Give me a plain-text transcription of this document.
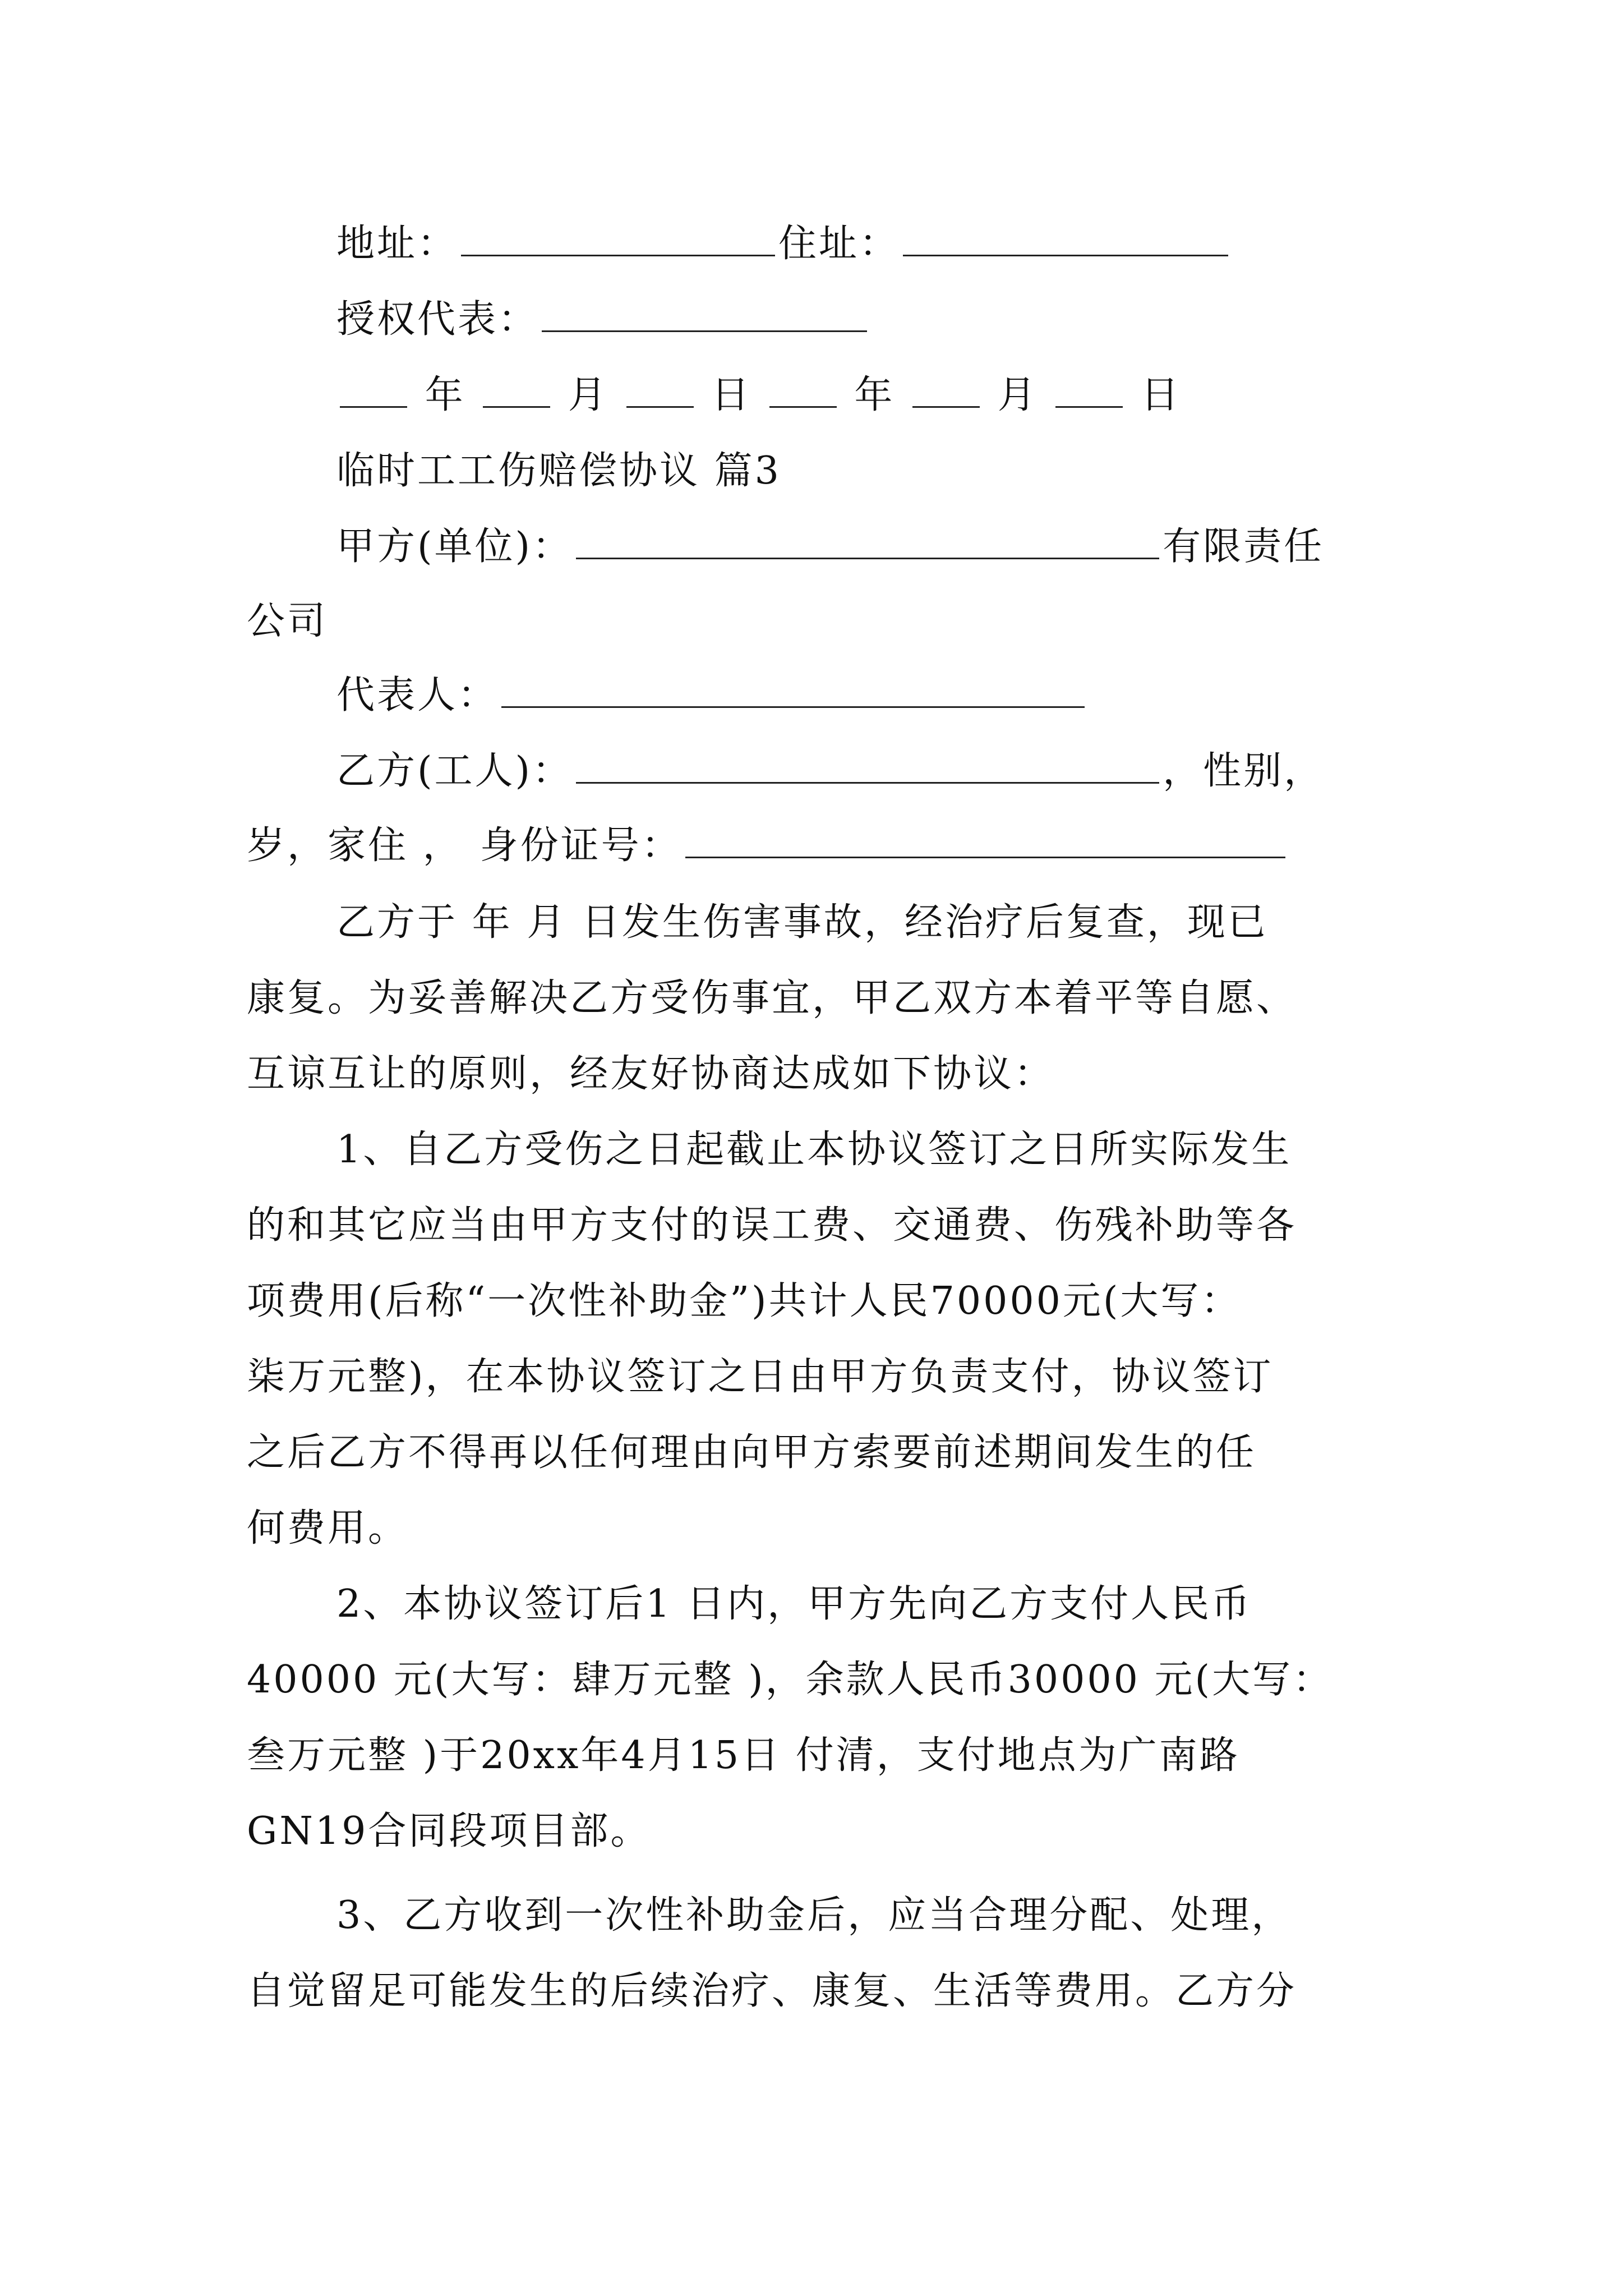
地址：	住址：
授权代表：
年	月	日	年	月	日
临时工工伤赔偿协议 篇3
甲方(单位)：	有限责任
公司
代表人：
乙方(工人)：	，性别，
岁，家住 ， 身份证号：
乙方于 年 月 日发生伤害事故，经治疗后复查，现已
康复。为妥善解决乙方受伤事宜，甲乙双方本着平等自愿、
互谅互让的原则，经友好协商达成如下协议：
1、自乙方受伤之日起截止本协议签订之日所实际发生
的和其它应当由甲方支付的误工费、交通费、伤残补助等各
项费用(后称“一次性补助金”)共计人民70000元(大写：
柒万元整)，在本协议签订之日由甲方负责支付，协议签订
之后乙方不得再以任何理由向甲方索要前述期间发生的任
何费用。
2、本协议签订后1 日内，甲方先向乙方支付人民币
40000 元(大写：肆万元整 )，余款人民币30000 元(大写：
叁万元整 )于20xx年4月15日 付清，支付地点为广南路
GN19合同段项目部。
3、乙方收到一次性补助金后，应当合理分配、处理，
自觉留足可能发生的后续治疗、康复、生活等费用。乙方分
